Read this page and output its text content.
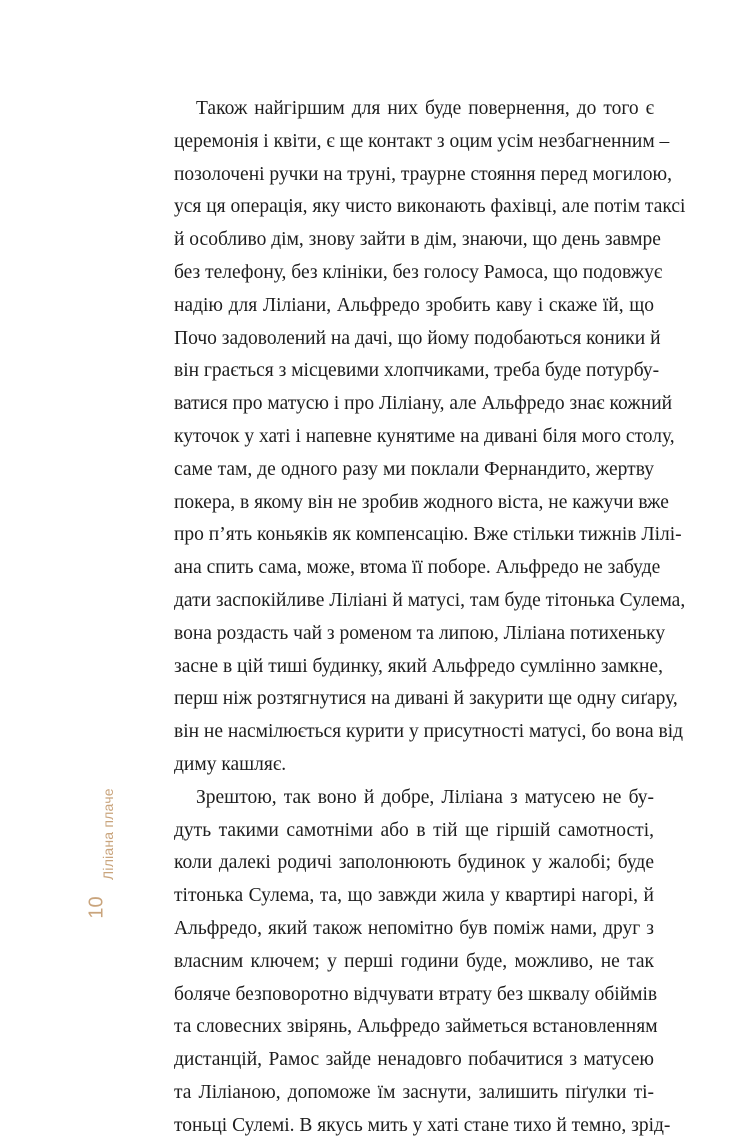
Також найгіршим для них буде повернення, до того є
церемонія і квіти, є ще контакт з оцим усім незбагненним –
позолочені ручки на труні, траурне стояння перед могилою,
уся ця операція, яку чисто виконають фахівці, але потім таксі
й особливо дім, знову зайти в дім, знаючи, що день завмре
без телефону, без клініки, без голосу Рамоса, що подовжує
надію для Ліліани, Альфредо зробить каву і скаже їй, що
Почо задоволений на дачі, що йому подобаються коники й
він грається з місцевими хлопчиками, треба буде потурбу-
ватися про матусю і про Ліліану, але Альфредо знає кожний
куточок у хаті і напевне кунятиме на дивані біля мого столу,
саме там, де одного разу ми поклали Фернандито, жертву
покера, в якому він не зробив жодного віста, не кажучи вже
про п’ять коньяків як компенсацію. Вже стільки тижнів Лілі-
ана спить сама, може, втома її поборе. Альфредо не забуде
дати заспокійливе Ліліані й матусі, там буде тітонька Сулема,
вона роздасть чай з роменом та липою, Ліліана потихеньку
засне в цій тиші будинку, який Альфредо сумлінно замкне,
перш ніж розтягнутися на дивані й закурити ще одну сиґару,
він не насмілюється курити у присутності матусі, бо вона від
диму кашляє.
Зрештою, так воно й добре, Ліліана з матусею не бу-
дуть такими самотніми або в тій ще гіршій самотності,
коли далекі родичі заполонюють будинок у жалобі; буде
тітонька Сулема, та, що завжди жила у квартирі нагорі, й
Альфредо, який також непомітно був поміж нами, друг з
власним ключем; у перші години буде, можливо, не так
боляче безповоротно відчувати втрату без шквалу обіймів
та словесних звірянь, Альфредо займеться встановленням
дистанцій, Рамос зайде ненадовго побачитися з матусею
та Ліліаною, допоможе їм заснути, залишить піґулки ті-
тоньці Сулемі. В якусь мить у хаті стане тихо й темно, зрід-
Ліліана плаче
10
